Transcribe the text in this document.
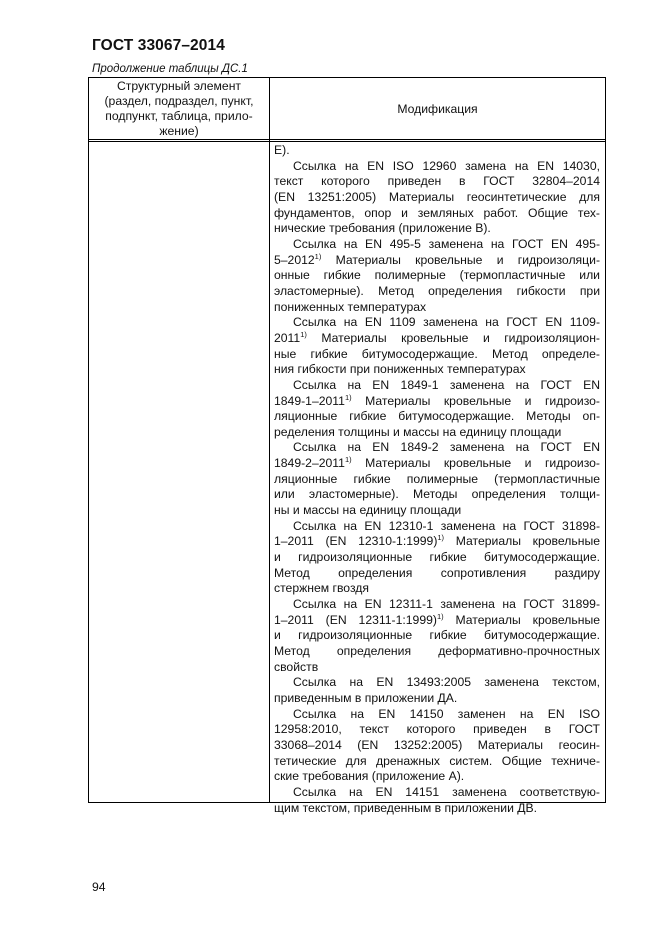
ГОСТ 33067–2014
Продолжение таблицы ДС.1
Структурный элемент
(раздел, подраздел, пункт,
подпункт, таблица, прило-
жение)
Модификация
Е).
Ссылка на EN ISO 12960 замена на EN 14030,
текст которого приведен в ГОСТ 32804–2014
(EN 13251:2005) Материалы геосинтетические для
фундаментов, опор и земляных работ. Общие тех-
нические требования (приложение В).
Ссылка на EN 495-5 заменена на ГОСТ EN 495-
5–2012$^{1)}$ Материалы кровельные и гидроизоляци-
онные гибкие полимерные (термопластичные или
эластомерные). Метод определения гибкости при
пониженных температурах
Ссылка на EN 1109 заменена на ГОСТ EN 1109-
2011$^{1)}$ Материалы кровельные и гидроизоляцион-
ные гибкие битумосодержащие. Метод определе-
ния гибкости при пониженных температурах
Ссылка на EN 1849-1 заменена на ГОСТ EN
1849-1–2011$^{1)}$ Материалы кровельные и гидроизо-
ляционные гибкие битумосодержащие. Методы оп-
ределения толщины и массы на единицу площади
Ссылка на EN 1849-2 заменена на ГОСТ EN
1849-2–2011$^{1)}$ Материалы кровельные и гидроизо-
ляционные гибкие полимерные (термопластичные
или эластомерные). Методы определения толщи-
ны и массы на единицу площади
Ссылка на EN 12310-1 заменена на ГОСТ 31898-
1–2011 (EN 12310-1:1999)$^{1)}$ Материалы кровельные
и гидроизоляционные гибкие битумосодержащие.
Метод определения сопротивления раздиру
стержнем гвоздя
Ссылка на EN 12311-1 заменена на ГОСТ 31899-
1–2011 (EN 12311-1:1999)$^{1)}$ Материалы кровельные
и гидроизоляционные гибкие битумосодержащие.
Метод определения деформативно-прочностных
свойств
Ссылка на EN 13493:2005 заменена текстом,
приведенным в приложении ДА.
Ссылка на EN 14150 заменен на EN ISO
12958:2010, текст которого приведен в ГОСТ
33068–2014 (EN 13252:2005) Материалы геосин-
тетические для дренажных систем. Общие техниче-
ские требования (приложение А).
Ссылка на EN 14151 заменена соответствую-
щим текстом, приведенным в приложении ДВ.
94
